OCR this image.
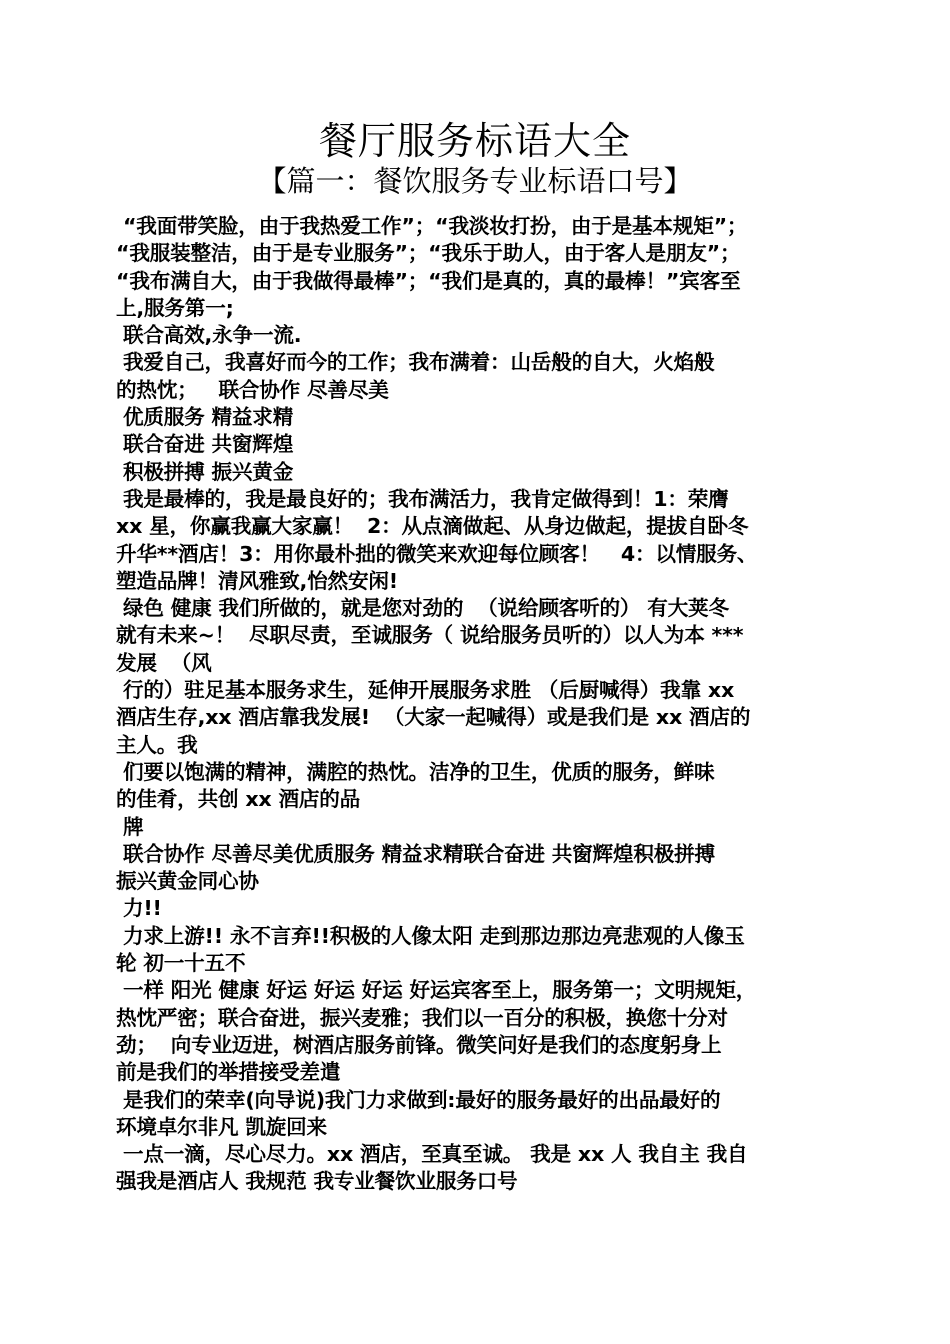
餐厅服务标语大全
【篇一：餐饮服务专业标语口号】
“我面带笑脸，由于我热爱工作”；“我淡妆打扮，由于是基本规矩”；
“我服装整洁，由于是专业服务”；“我乐于助人，由于客人是朋友”；
“我布满自大，由于我做得最棒”；“我们是真的，真的最棒！”宾客至
上,服务第一;
联合高效,永争一流.
我爱自己，我喜好而今的工作；我布满着：山岳般的自大，火焰般
的热忱；   联合协作 尽善尽美
优质服务 精益求精
联合奋进 共窗辉煌
积极拼搏 振兴黄金
我是最棒的，我是最良好的；我布满活力，我肯定做得到！1：荣膺
xx 星，你赢我赢大家赢！  2：从点滴做起、从身边做起，提拔自卧冬
升华**酒店！3：用你最朴拙的微笑来欢迎每位顾客！   4：以情服务、
塑造品牌！清风雅致,怡然安闲!
绿色 健康 我们所做的，就是您对劲的  （说给顾客听的） 有大荚冬
就有未来~！  尽职尽责，至诚服务（ 说给服务员听的）以人为本 ***
发展  （风
行的）驻足基本服务求生，延伸开展服务求胜 （后厨喊得）我靠 xx
酒店生存,xx 酒店靠我发展!  （大家一起喊得）或是我们是 xx 酒店的
主人。我
们要以饱满的精神，满腔的热忱。洁净的卫生，优质的服务，鲜味
的佳肴，共创 xx 酒店的品
牌
联合协作 尽善尽美优质服务 精益求精联合奋进 共窗辉煌积极拼搏
振兴黄金同心协
力!!
力求上游!! 永不言弃!!积极的人像太阳 走到那边那边亮悲观的人像玉
轮 初一十五不
一样 阳光 健康 好运 好运 好运 好运宾客至上，服务第一；文明规矩，
热忱严密；联合奋进，振兴麦雅；我们以一百分的积极，换您十分对
劲；  向专业迈进，树酒店服务前锋。微笑问好是我们的态度躬身上
前是我们的举措接受差遣
是我们的荣幸(向导说)我门力求做到:最好的服务最好的出品最好的
环境卓尔非凡 凯旋回来
一点一滴，尽心尽力。xx 酒店，至真至诚。 我是 xx 人 我自主 我自
强我是酒店人 我规范 我专业餐饮业服务口号
